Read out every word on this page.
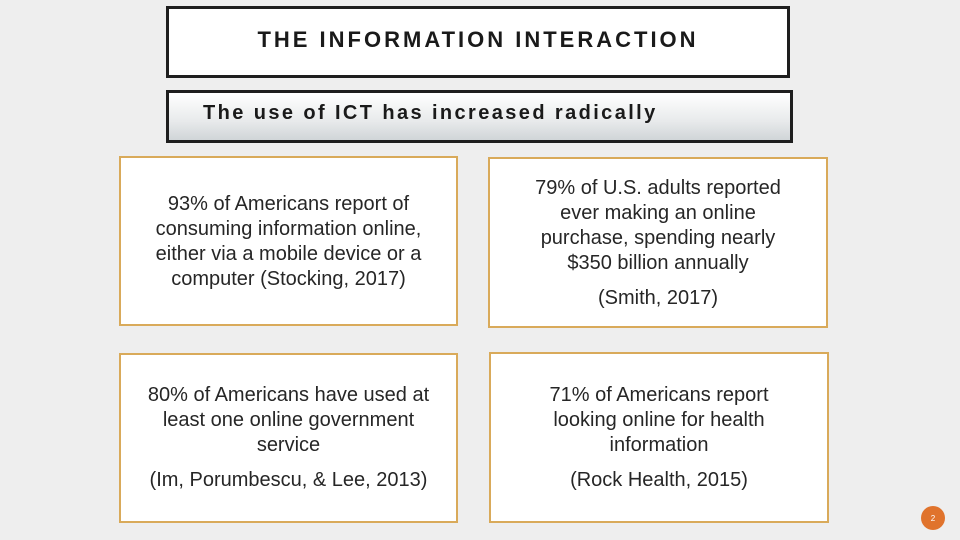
THE INFORMATION INTERACTION
The use of ICT has increased radically
93% of Americans report of
consuming information online,
either via a mobile device or a
computer (Stocking, 2017)
79% of U.S. adults reported
ever making an online
purchase, spending nearly
$350 billion annually
(Smith, 2017)
80% of Americans have used at
least one online government
service
(Im, Porumbescu, & Lee, 2013)
71% of Americans report
looking online for health
information
(Rock Health, 2015)
2
